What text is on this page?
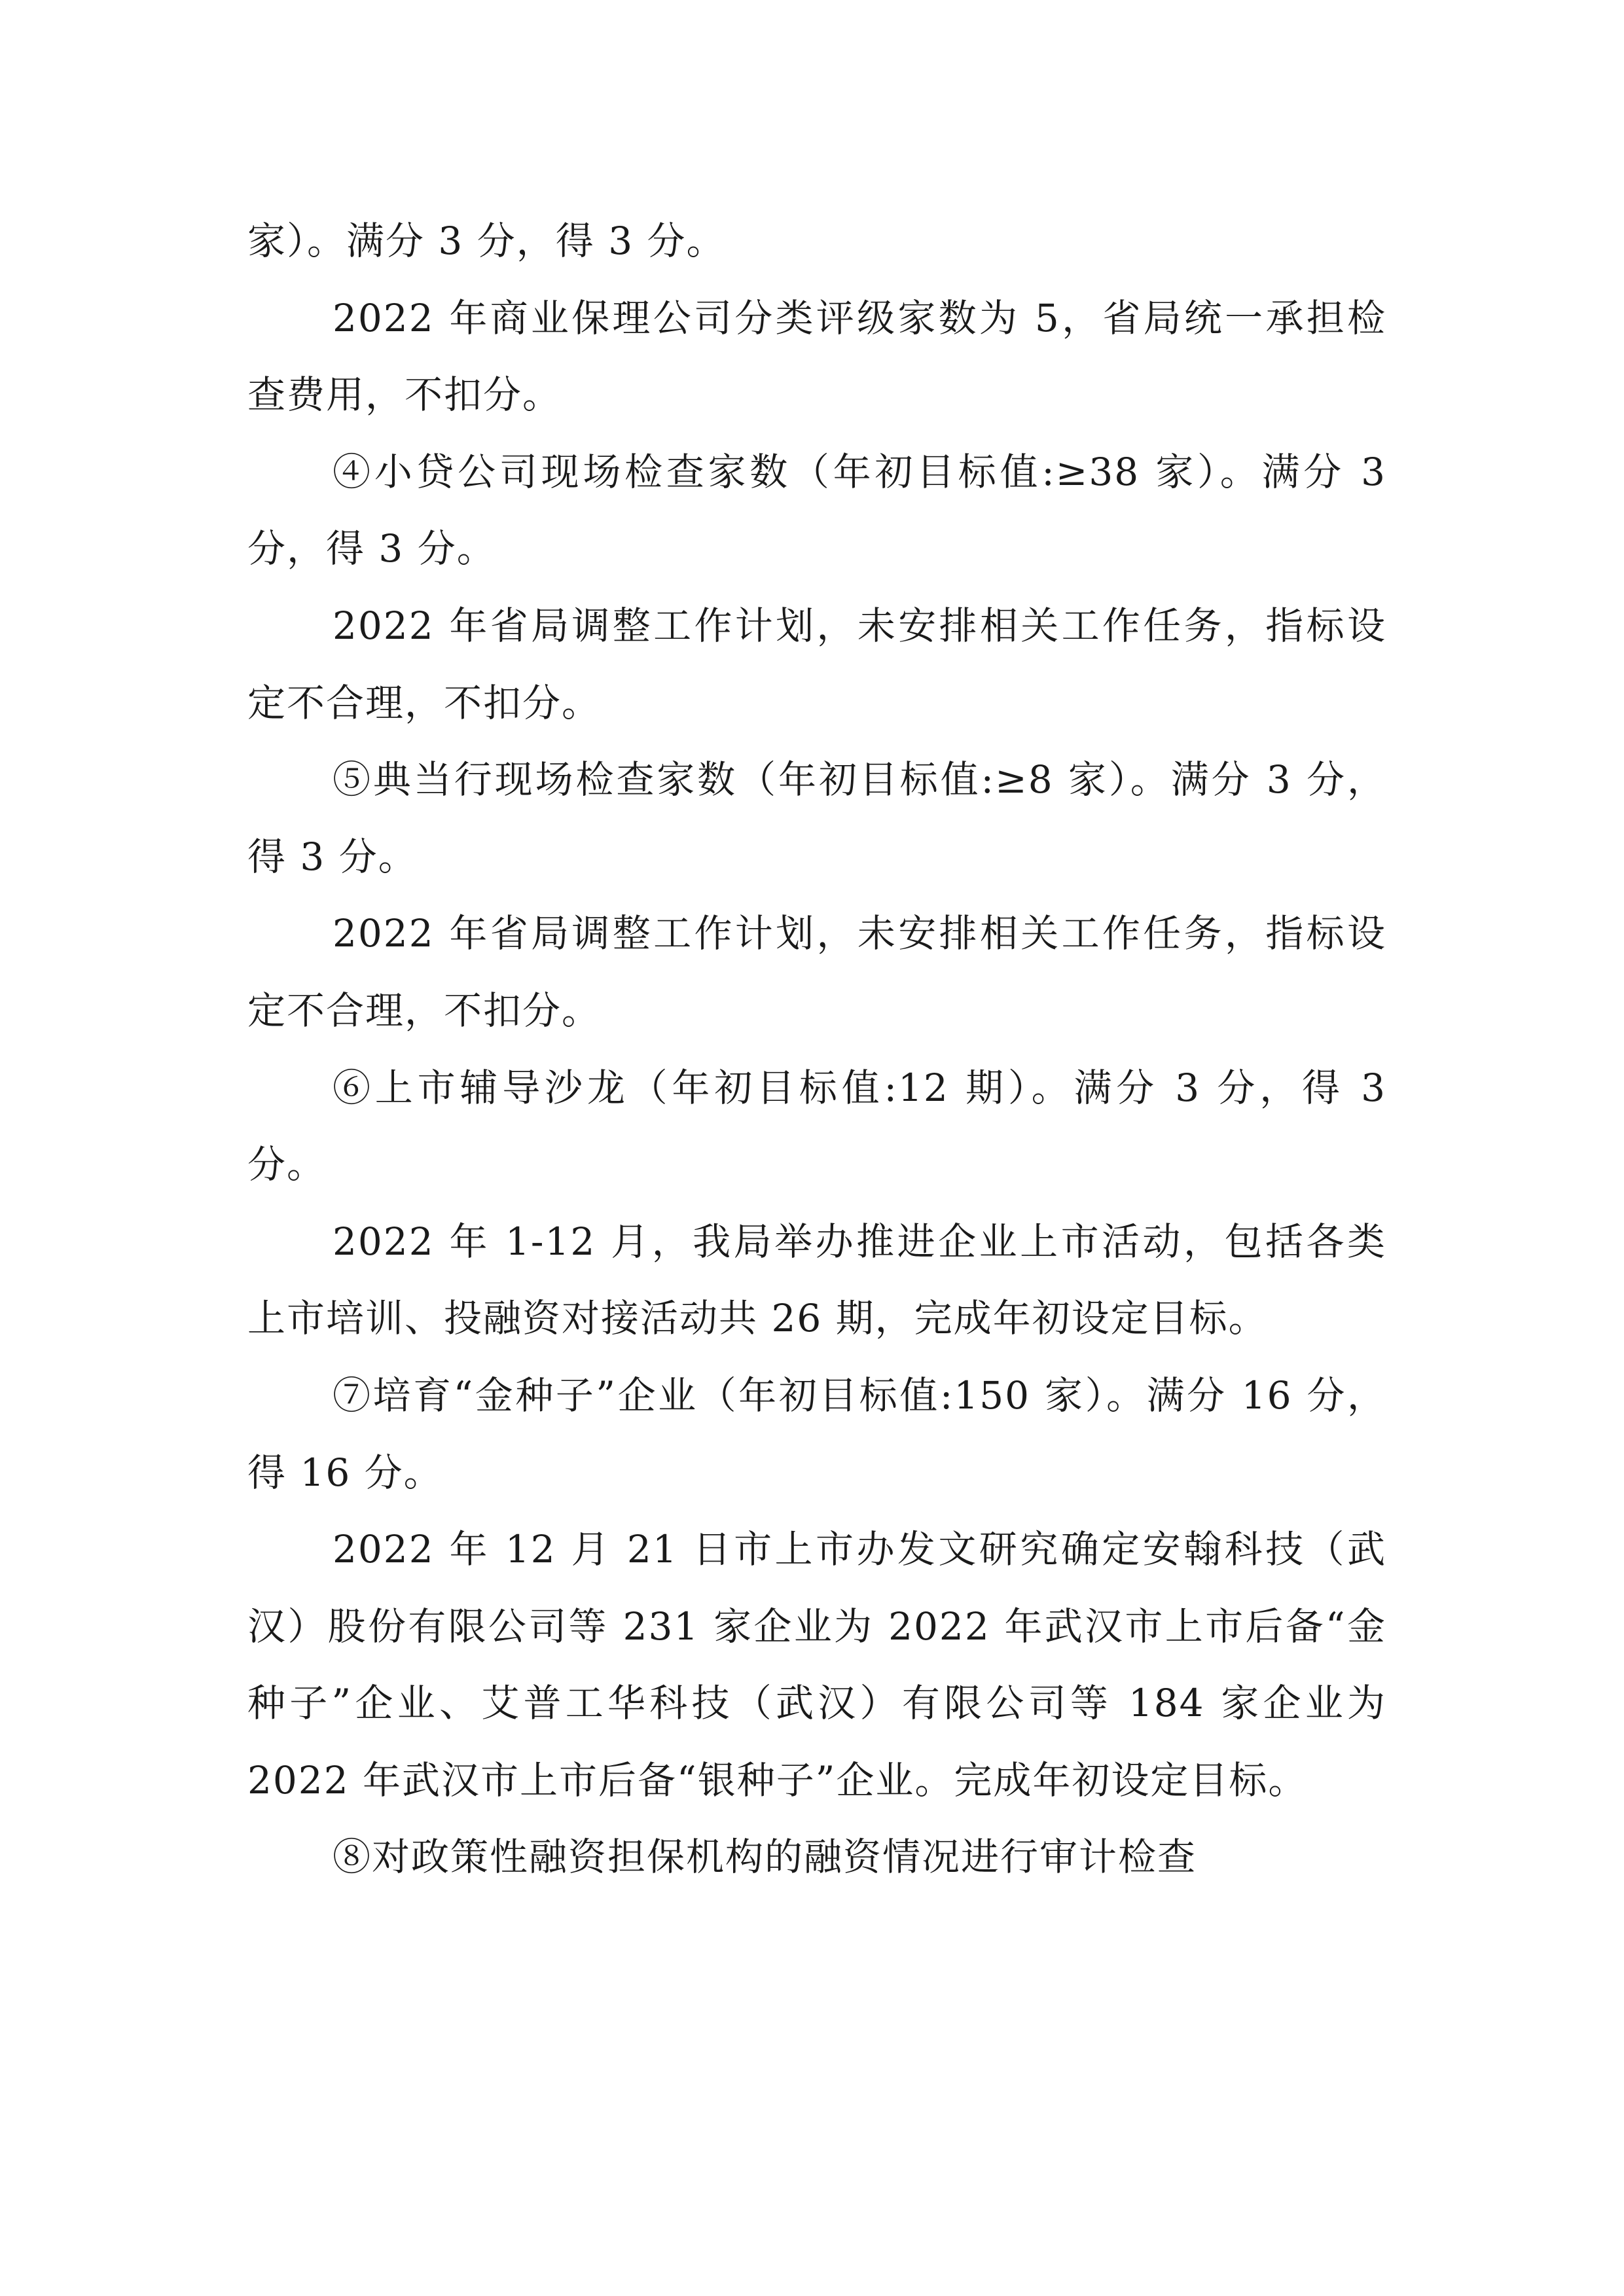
家）。满分 3 分，得 3 分。

2022 年商业保理公司分类评级家数为 5，省局统一承担检查费用，不扣分。

④小贷公司现场检查家数（年初目标值:≥38 家）。满分 3 分，得 3 分。

2022 年省局调整工作计划，未安排相关工作任务，指标设定不合理，不扣分。

⑤典当行现场检查家数（年初目标值:≥8 家）。满分 3 分，得 3 分。

2022 年省局调整工作计划，未安排相关工作任务，指标设定不合理，不扣分。

⑥上市辅导沙龙（年初目标值:12 期）。满分 3 分，得 3 分。

2022 年 1-12 月，我局举办推进企业上市活动，包括各类上市培训、投融资对接活动共 26 期，完成年初设定目标。

⑦培育“金种子”企业（年初目标值:150 家）。满分 16 分，得 16 分。

2022 年 12 月 21 日市上市办发文研究确定安翰科技（武汉）股份有限公司等 231 家企业为 2022 年武汉市上市后备“金种子”企业、艾普工华科技（武汉）有限公司等 184 家企业为 2022 年武汉市上市后备“银种子”企业。完成年初设定目标。

⑧对政策性融资担保机构的融资情况进行审计检查
